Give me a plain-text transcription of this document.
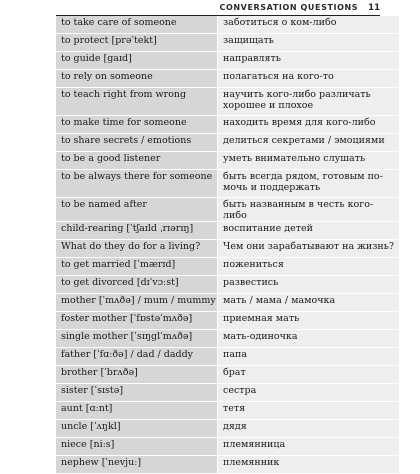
CONVERSATION QUESTIONS 11
to take care of someone	заботиться о ком-либо

to protect [prəˈtekt]	защищать

to guide [gaɪd]	направлять

to rely on someone	полагаться на кого-то

to teach right from wrong	научить кого-либо различать
хорошее и плохое

to make time for someone	находить время для кого-либо

to share secrets / emotions	делиться секретами / эмоциями

to be a good listener	уметь внимательно слушать

to be always there for someone	быть всегда рядом, готовым по-
мочь и поддержать

to be named after	быть названным в честь кого-либо

child-rearing [ˈtʃaɪld ˌrɪərɪŋ]	воспитание детей

What do they do for a living?	Чем они зарабатывают на жизнь?

to get married [ˈmærɪd]	пожениться

to get divorced [dɪˈvɔːst]	развестись

mother [ˈmʌðə] / mum / mummy	мать / мама / мамочка

foster mother [ˈfɒstəˈmʌðə]	приемная мать

single mother [ˈsɪŋglˈmʌðə]	мать-одиночка

father [ˈfɑːðə] / dad / daddy	папа

brother [ˈbrʌðə]	брат

sister [ˈsɪstə]	сестра

aunt [ɑːnt]	тетя

uncle [ˈʌŋkl]	дядя

niece [niːs]	племянница

nephew [ˈnevjuː]	племянник
